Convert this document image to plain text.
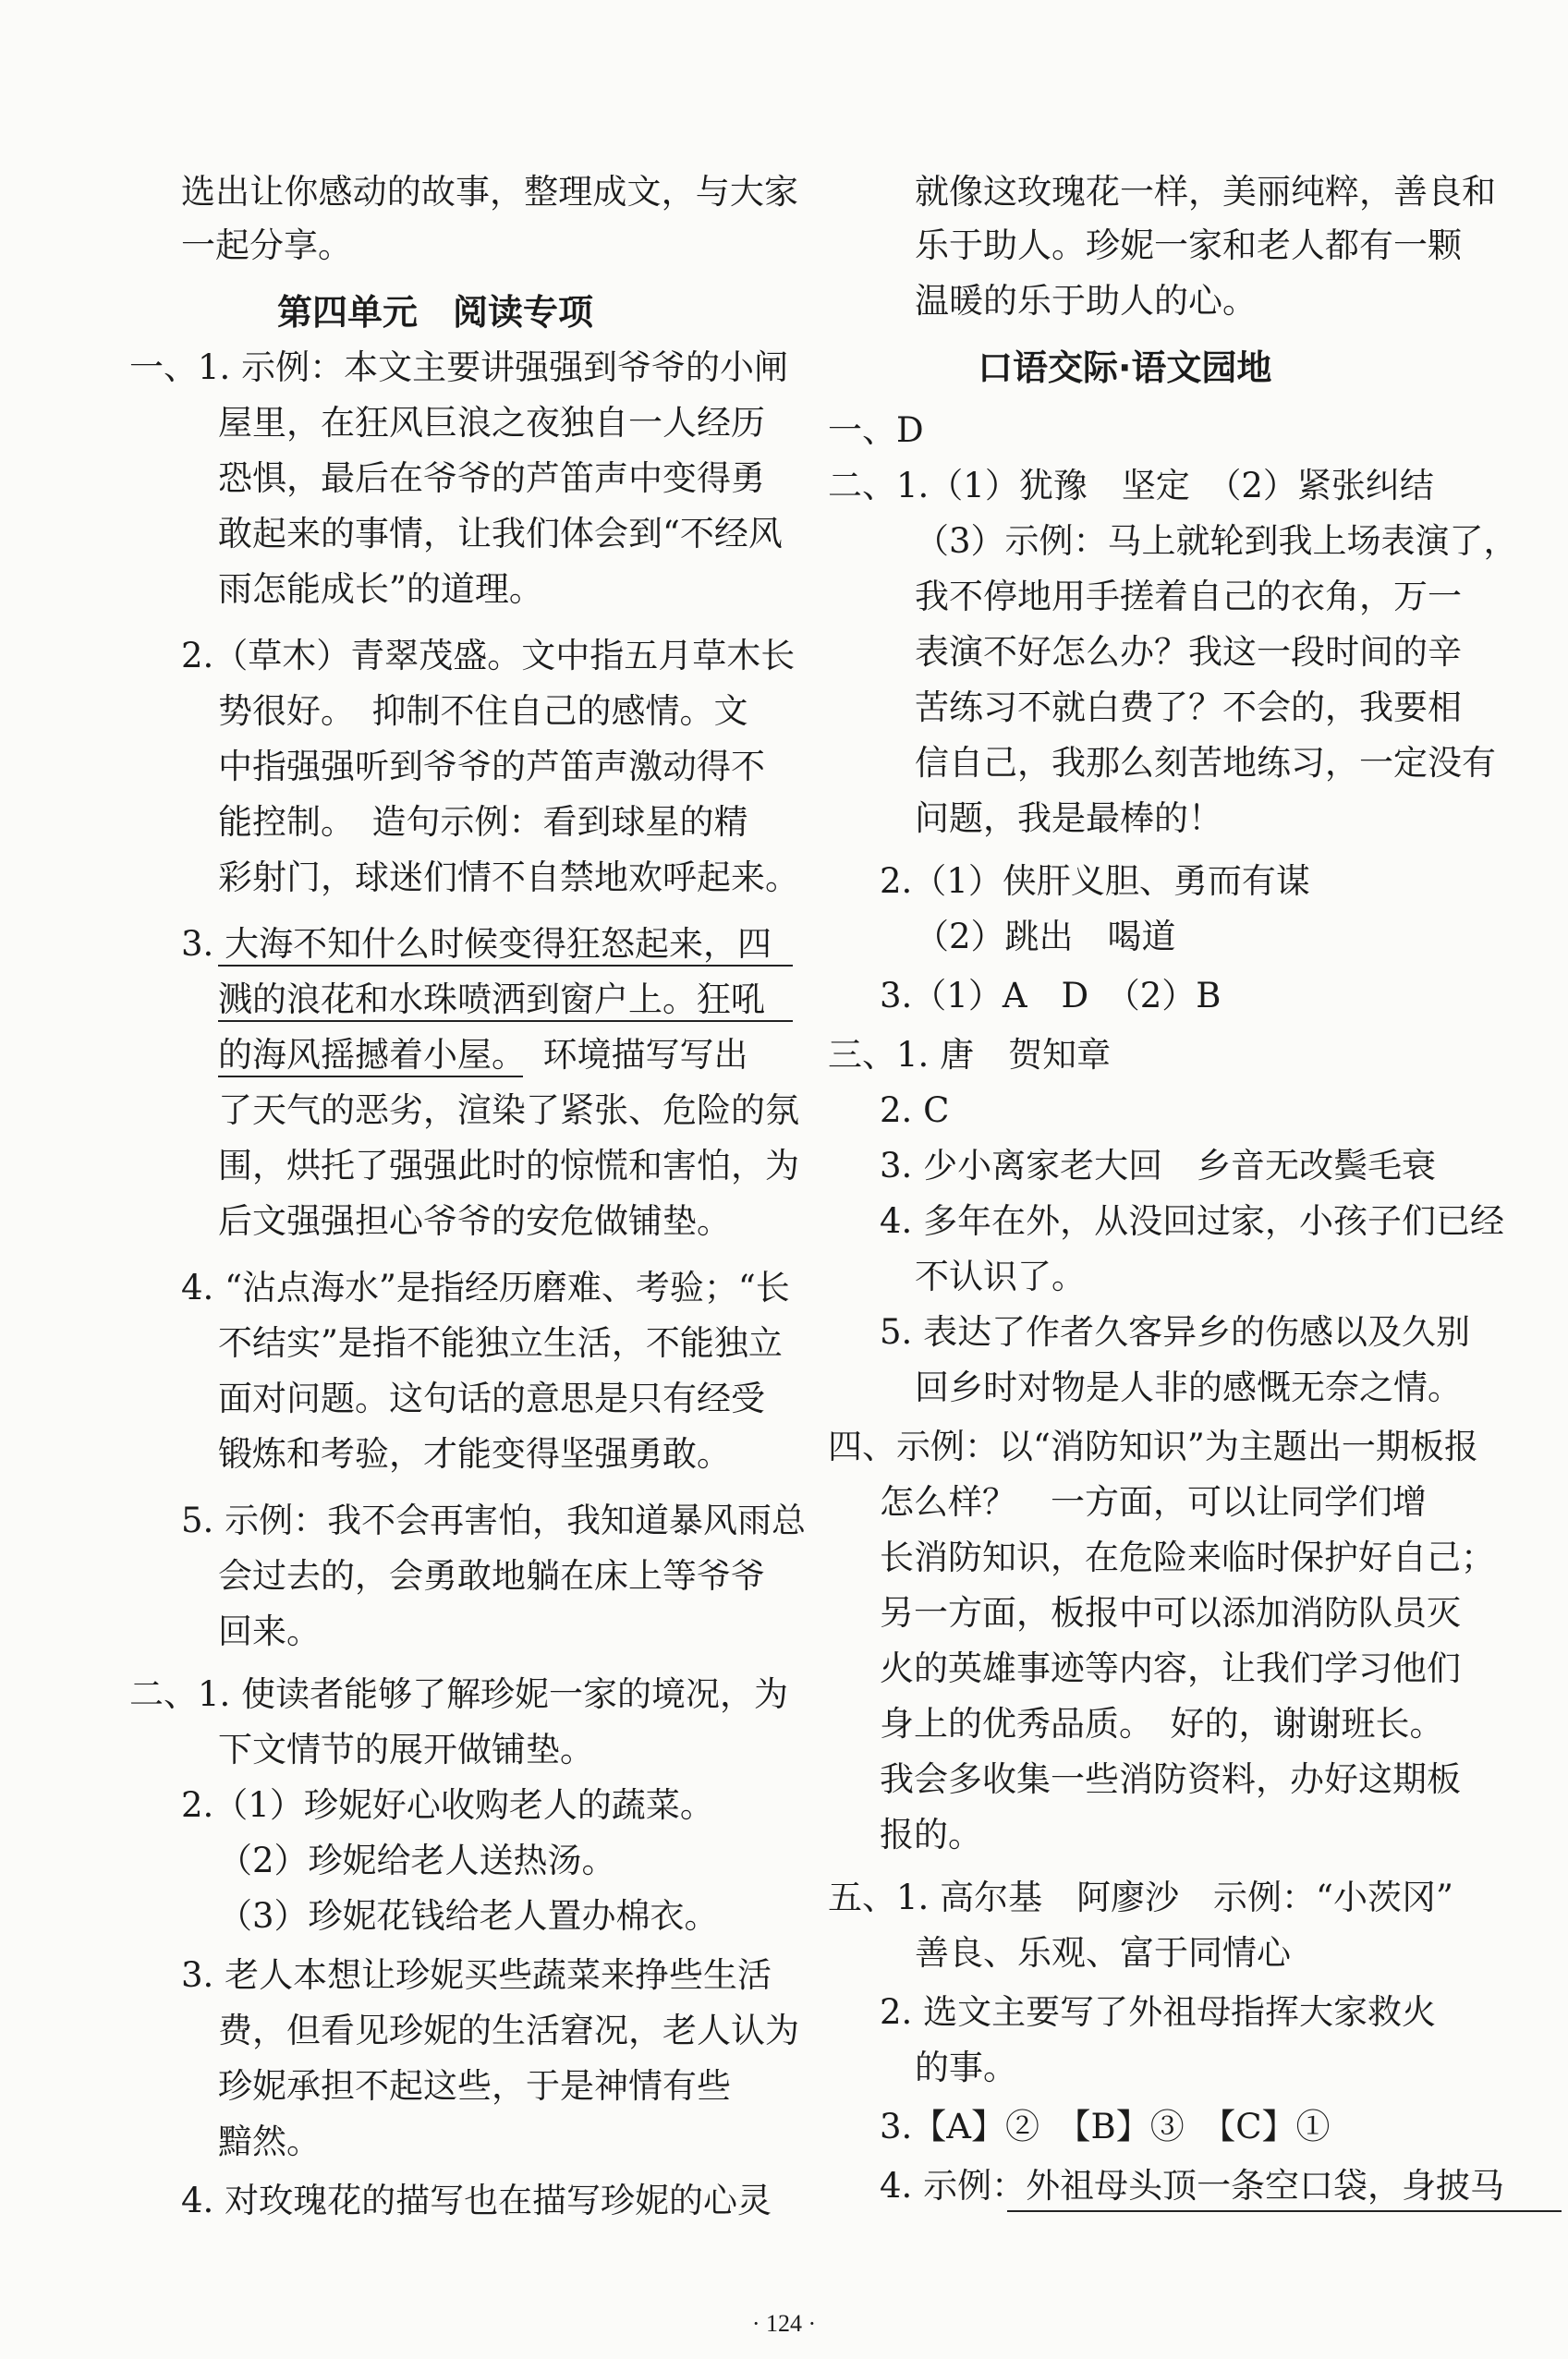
选出让你感动的故事，整理成文，与大家
一起分享。
第四单元　阅读专项
一、1. 示例：本文主要讲强强到爷爷的小闸
屋里，在狂风巨浪之夜独自一人经历
恐惧，最后在爷爷的芦笛声中变得勇
敢起来的事情，让我们体会到“不经风
雨怎能成长”的道理。
2.（草木）青翠茂盛。文中指五月草木长
势很好。　抑制不住自己的感情。文
中指强强听到爷爷的芦笛声激动得不
能控制。　造句示例：看到球星的精
彩射门，球迷们情不自禁地欢呼起来。
3. 大海不知什么时候变得狂怒起来，四
溅的浪花和水珠喷洒到窗户上。狂吼
的海风摇撼着小屋。　环境描写写出
了天气的恶劣，渲染了紧张、危险的氛
围，烘托了强强此时的惊慌和害怕，为
后文强强担心爷爷的安危做铺垫。
4. “沾点海水”是指经历磨难、考验；“长
不结实”是指不能独立生活，不能独立
面对问题。这句话的意思是只有经受
锻炼和考验，才能变得坚强勇敢。
5. 示例：我不会再害怕，我知道暴风雨总
会过去的，会勇敢地躺在床上等爷爷
回来。
二、1. 使读者能够了解珍妮一家的境况，为
下文情节的展开做铺垫。
2.（1）珍妮好心收购老人的蔬菜。
（2）珍妮给老人送热汤。
（3）珍妮花钱给老人置办棉衣。
3. 老人本想让珍妮买些蔬菜来挣些生活
费，但看见珍妮的生活窘况，老人认为
珍妮承担不起这些，于是神情有些
黯然。
4. 对玫瑰花的描写也在描写珍妮的心灵
就像这玫瑰花一样，美丽纯粹，善良和
乐于助人。珍妮一家和老人都有一颗
温暖的乐于助人的心。
口语交际·语文园地
一、D
二、1.（1）犹豫　坚定　（2）紧张纠结
（3）示例：马上就轮到我上场表演了，
我不停地用手搓着自己的衣角，万一
表演不好怎么办？我这一段时间的辛
苦练习不就白费了？不会的，我要相
信自己，我那么刻苦地练习，一定没有
问题，我是最棒的！
2.（1）侠肝义胆、勇而有谋
（2）跳出　喝道
3.（1）A　D　（2）B
三、1. 唐　贺知章
2. C
3. 少小离家老大回　乡音无改鬓毛衰
4. 多年在外，从没回过家，小孩子们已经
不认识了。
5. 表达了作者久客异乡的伤感以及久别
回乡时对物是人非的感慨无奈之情。
四、示例：以“消防知识”为主题出一期板报
怎么样？　一方面，可以让同学们增
长消防知识，在危险来临时保护好自己；
另一方面，板报中可以添加消防队员灭
火的英雄事迹等内容，让我们学习他们
身上的优秀品质。　好的，谢谢班长。
我会多收集一些消防资料，办好这期板
报的。
五、1. 高尔基　阿廖沙　示例：“小茨冈”
善良、乐观、富于同情心
2. 选文主要写了外祖母指挥大家救火
的事。
3.【A】②　【B】③　【C】①
4. 示例：外祖母头顶一条空口袋，身披马
· 124 ·
